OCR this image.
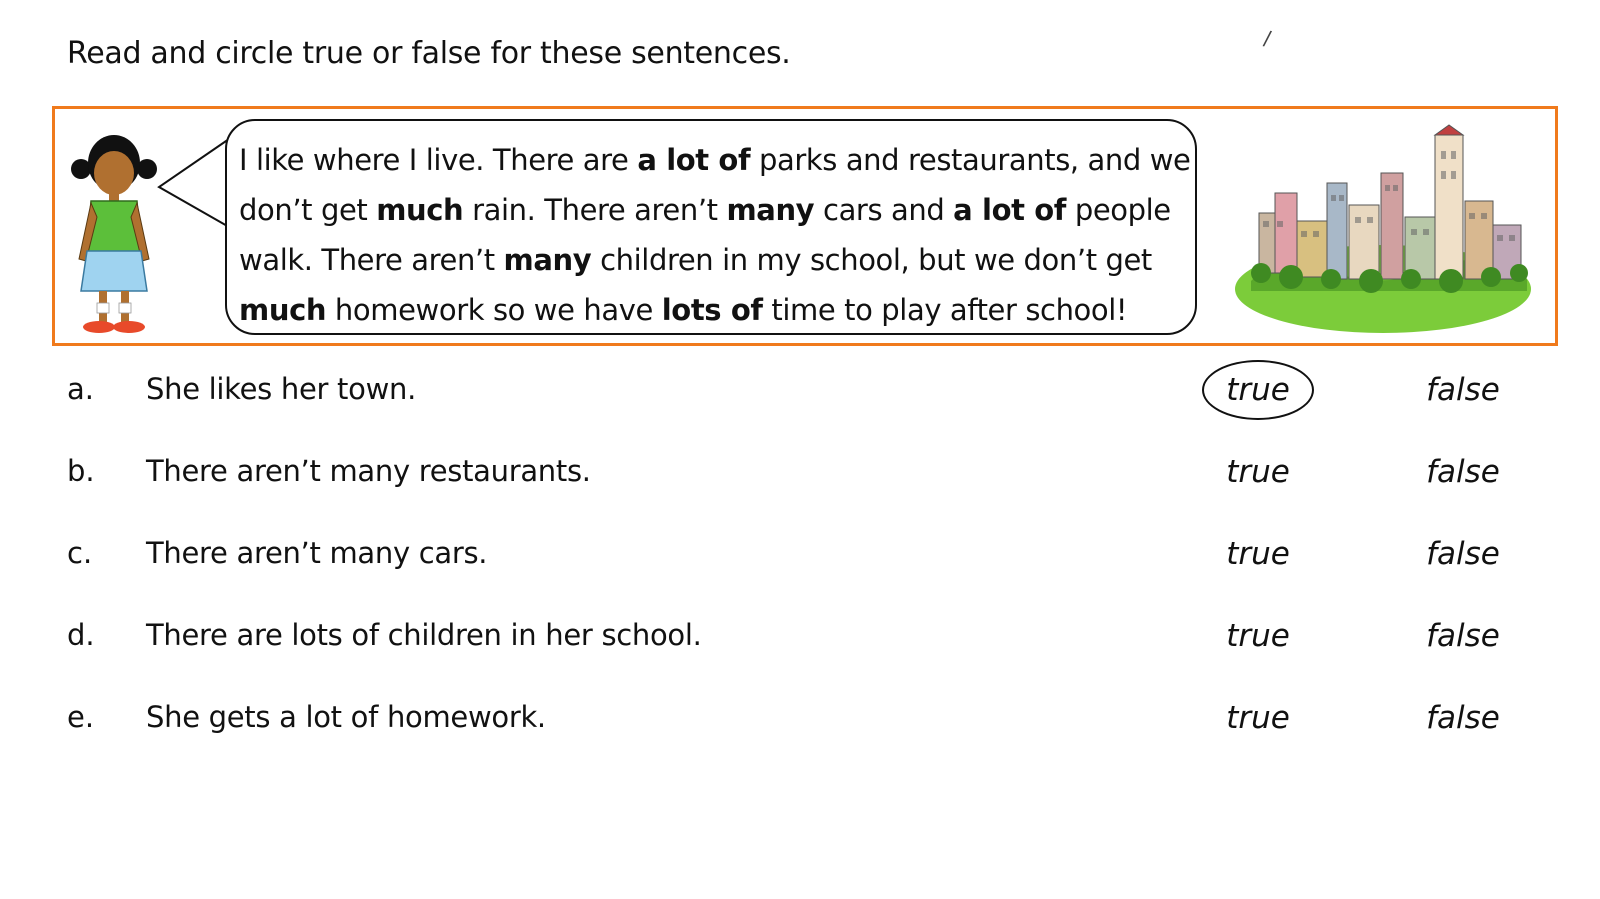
Read and circle true or false for these sentences.	/

I like where I live. There are a lot of parks and restaurants, and we

don’t get much rain. There aren’t many cars and a lot of people

walk. There aren’t many children in my school, but we don’t get

much homework so we have lots of time to play after school!

a. She likes her town.	true	false
b. There aren’t many restaurants.	true	false
c. There aren’t many cars.	true	false
d. There are lots of children in her school.	true	false
e. She gets a lot of homework.	true	false
